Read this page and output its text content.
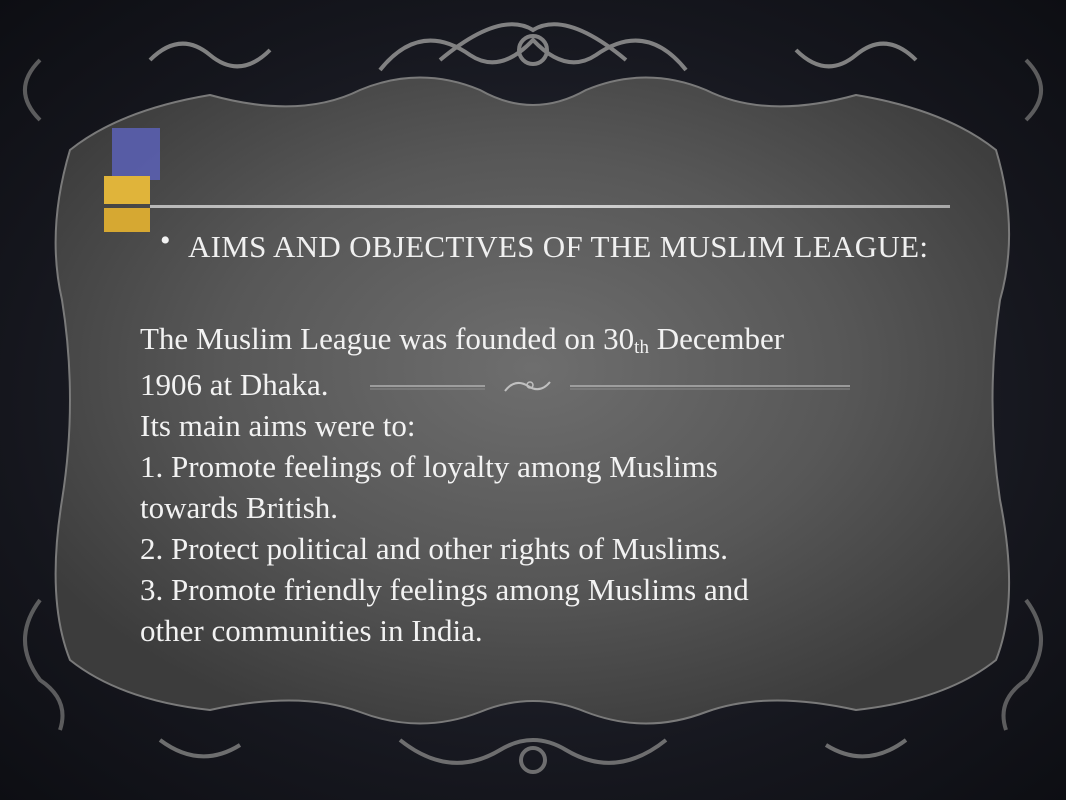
• AIMS AND OBJECTIVES OF THE MUSLIM LEAGUE:
The Muslim League was founded on $30_{th}$ December
1906 at Dhaka.
Its main aims were to:
1. Promote feelings of loyalty among Muslims
towards British.
2. Protect political and other rights of Muslims.
3. Promote friendly feelings among Muslims and
other communities in India.
